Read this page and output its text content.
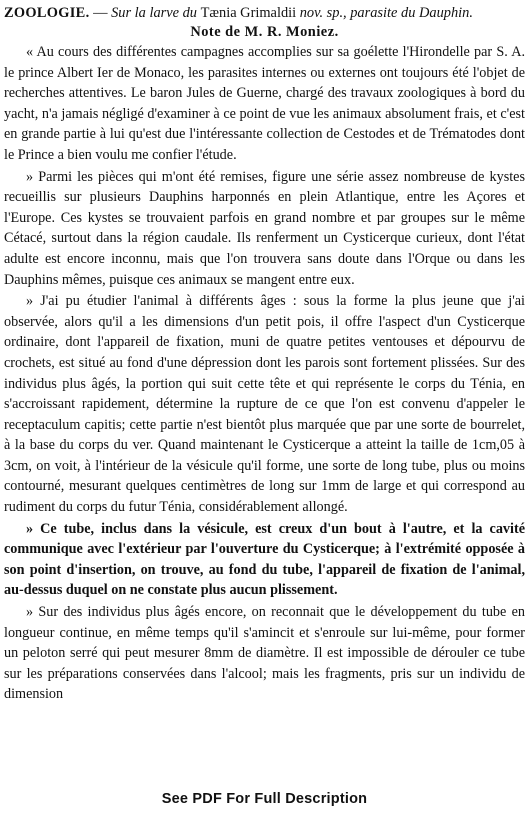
ZOOLOGIE. — Sur la larve du Tænia Grimaldii nov. sp., parasite du Dauphin.
Note de M. R. Moniez.

« Au cours des différentes campagnes accomplies sur sa goélette l'Hirondelle par S. A. le prince Albert Ier de Monaco, les parasites internes ou externes ont toujours été l'objet de recherches attentives. Le baron Jules de Guerne, chargé des travaux zoologiques à bord du yacht, n'a jamais négligé d'examiner à ce point de vue les animaux absolument frais, et c'est en grande partie à lui qu'est due l'intéressante collection de Cestodes et de Trématodes dont le Prince a bien voulu me confier l'étude.

» Parmi les pièces qui m'ont été remises, figure une série assez nombreuse de kystes recueillis sur plusieurs Dauphins harponnés en plein Atlantique, entre les Açores et l'Europe. Ces kystes se trouvaient parfois en grand nombre et par groupes sur le même Cétacé, surtout dans la région caudale. Ils renferment un Cysticerque curieux, dont l'état adulte est encore inconnu, mais que l'on trouvera sans doute dans l'Orque ou dans les Dauphins mêmes, puisque ces animaux se mangent entre eux.

» J'ai pu étudier l'animal à différents âges : sous la forme la plus jeune que j'ai observée, alors qu'il a les dimensions d'un petit pois, il offre l'aspect d'un Cysticerque ordinaire, dont l'appareil de fixation, muni de quatre petites ventouses et dépourvu de crochets, est situé au fond d'une dépression dont les parois sont fortement plissées. Sur des individus plus âgés, la portion qui suit cette tête et qui représente le corps du Ténia, en s'accroissant rapidement, détermine la rupture de ce que l'on est convenu d'appeler le receptaculum capitis; cette partie n'est bientôt plus marquée que par une sorte de bourrelet, à la base du corps du ver. Quand maintenant le Cysticerque a atteint la taille de 1cm,05 à 3cm, on voit, à l'intérieur de la vésicule qu'il forme, une sorte de long tube, plus ou moins contourné, mesurant quelques centimètres de long sur 1mm de large et qui correspond au rudiment du corps du futur Ténia, considérablement allongé.

» Ce tube, inclus dans la vésicule, est creux d'un bout à l'autre, et la cavité communique avec l'extérieur par l'ouverture du Cysticerque; à l'extrémité opposée à son point d'insertion, on trouve, au fond du tube, l'appareil de fixation de l'animal, au-dessus duquel on ne constate plus aucun plissement.

» Sur des individus plus âgés encore, on reconnait que le développement du tube en longueur continue, en même temps qu'il s'amincit et s'enroule sur lui-même, pour former un peloton serré qui peut mesurer 8mm de diamètre. Il est impossible de dérouler ce tube sur les préparations conservées dans l'alcool; mais les fragments, pris sur un individu de dimension

See PDF For Full Description
